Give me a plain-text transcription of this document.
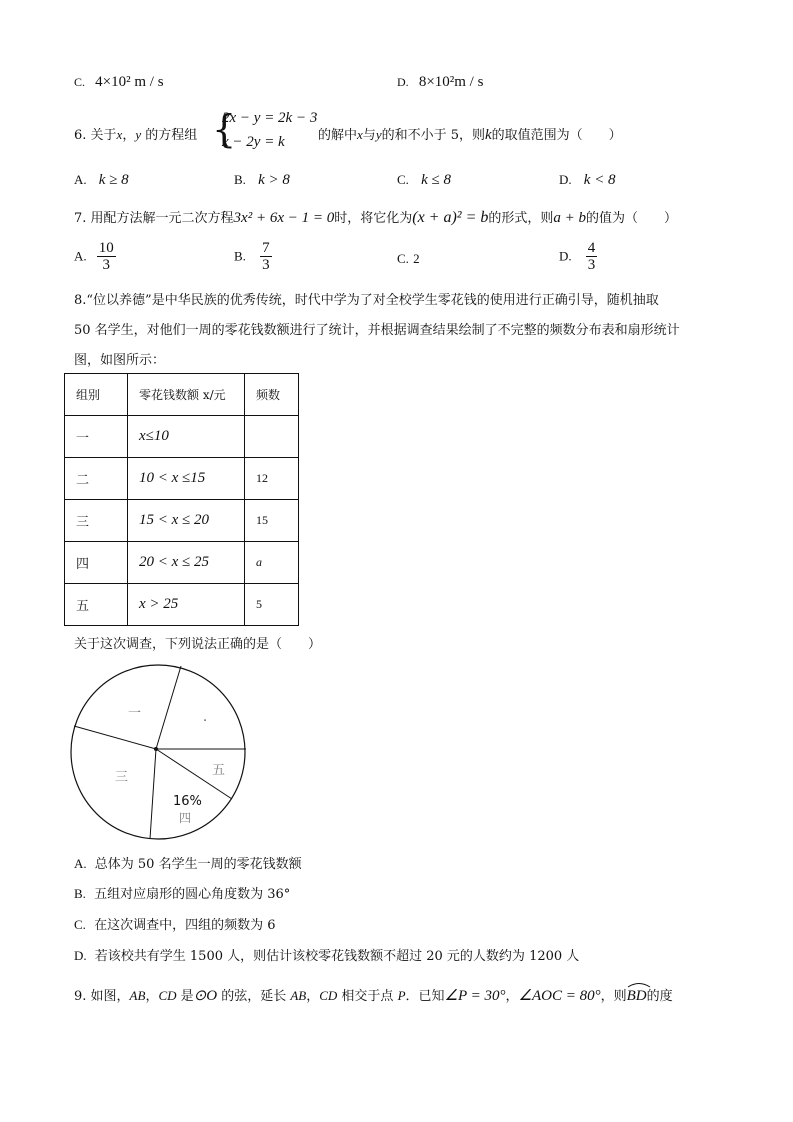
C. 4×10² m / s	D. 8×10²m / s
6. 关于x，y 的方程组 {
2x − y = 2k − 3
x − 2y = k	的解中x与y的和不小于 5，则k的取值范围为（　　）
A. k ≥ 8	B. k > 8	C. k ≤ 8	D. k < 8
7. 用配方法解一元二次方程3x² + 6x − 1 = 0时，将它化为(x + a)² = b的形式，则a + b的值为（　　）
A. $\frac{10}{3}$	B. $\frac{7}{3}$	C. 2	D. $\frac{4}{3}$
8.“位以养德”是中华民族的优秀传统，时代中学为了对全校学生零花钱的使用进行正确引导，随机抽取
50 名学生，对他们一周的零花钱数额进行了统计，并根据调查结果绘制了不完整的频数分布表和扇形统计
图，如图所示：
组别	零花钱数额 x/元	频数
一	x≤10	
二	10 < x ≤15	12
三	15 < x ≤ 20	15
四	20 < x ≤ 25	a
五	x > 25	5
关于这次调查，下列说法正确的是（　　）
一
·
三
16%
四
五
A. 总体为 50 名学生一周的零花钱数额
B. 五组对应扇形的圆心角度数为 36°
C. 在这次调查中，四组的频数为 6
D. 若该校共有学生 1500 人，则估计该校零花钱数额不超过 20 元的人数约为 1200 人
9. 如图，AB，CD 是⊙O 的弦，延长 AB，CD 相交于点 P．已知∠P = 30°，∠AOC = 80°，则
BD的度
